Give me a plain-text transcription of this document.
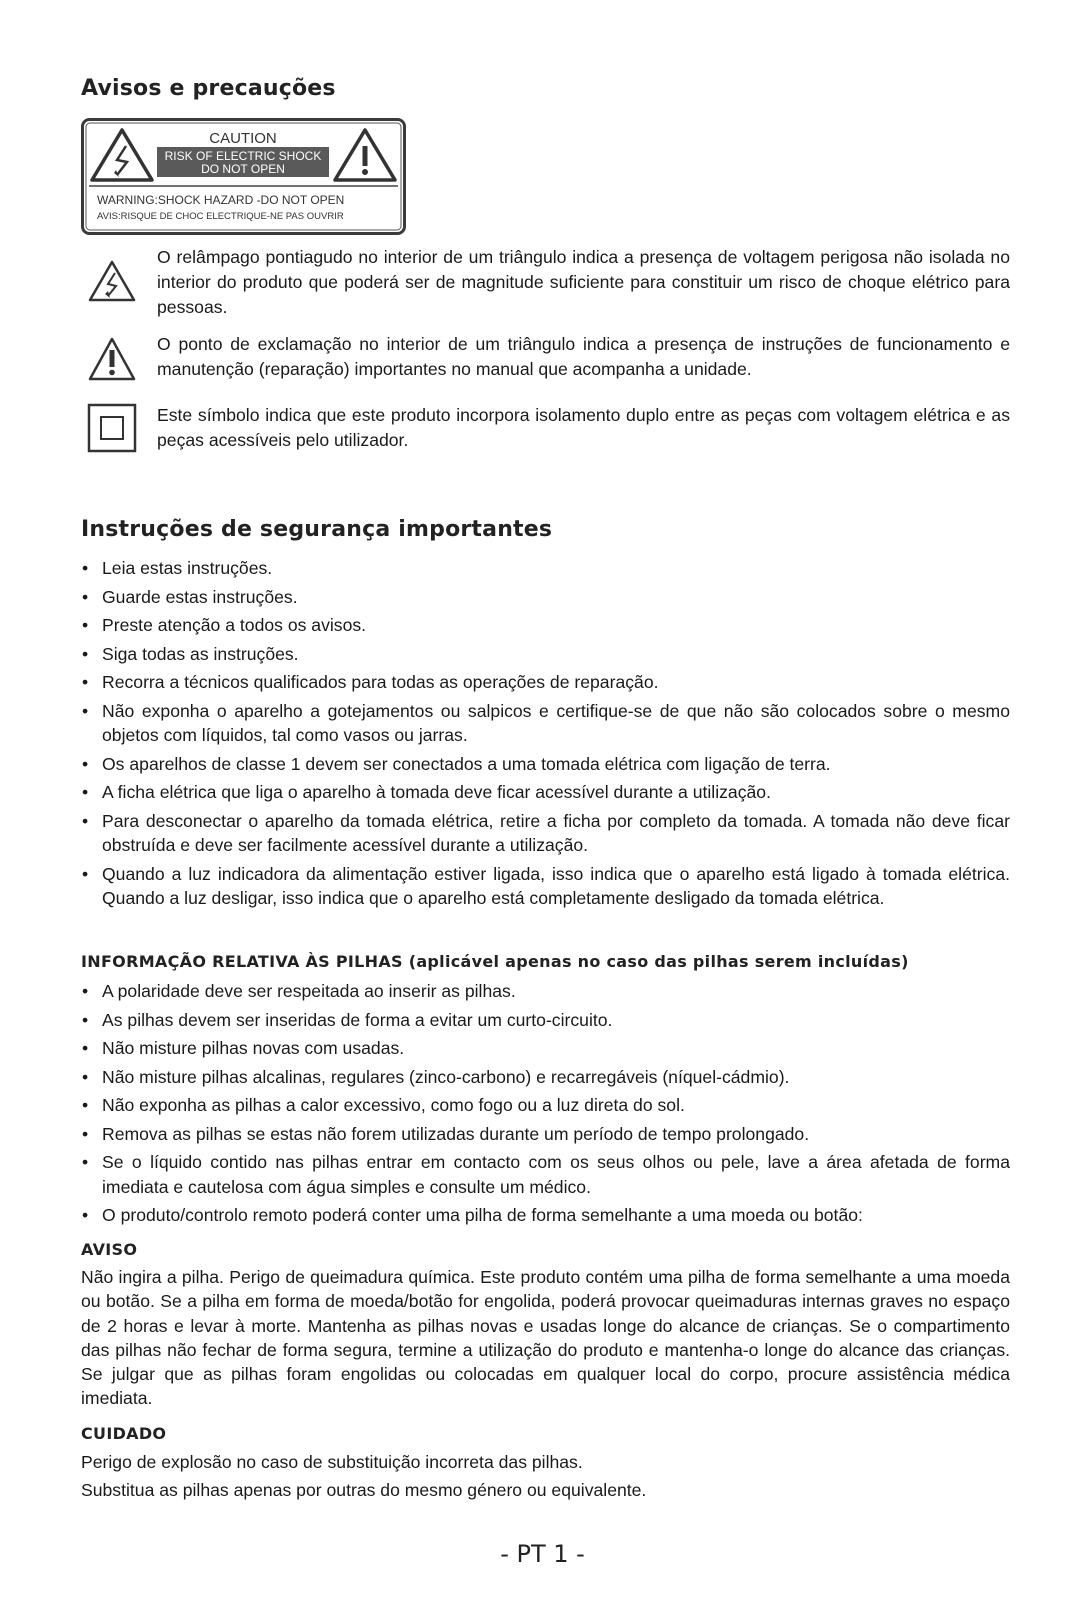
Avisos e precauções
CAUTION
RISK OF ELECTRIC SHOCK
DO NOT OPEN
WARNING:SHOCK HAZARD -DO NOT OPEN
AVIS:RISQUE DE CHOC ELECTRIQUE-NE PAS OUVRIR

O relâmpago pontiagudo no interior de um triângulo indica a presença de voltagem perigosa não isolada no interior do produto que poderá ser de magnitude suficiente para constituir um risco de choque elétrico para pessoas.

O ponto de exclamação no interior de um triângulo indica a presença de instruções de funcionamento e manutenção (reparação) importantes no manual que acompanha a unidade.

Este símbolo indica que este produto incorpora isolamento duplo entre as peças com voltagem elétrica e as peças acessíveis pelo utilizador.

Instruções de segurança importantes
• Leia estas instruções.
• Guarde estas instruções.
• Preste atenção a todos os avisos.
• Siga todas as instruções.
• Recorra a técnicos qualificados para todas as operações de reparação.
• Não exponha o aparelho a gotejamentos ou salpicos e certifique-se de que não são colocados sobre o mesmo objetos com líquidos, tal como vasos ou jarras.
• Os aparelhos de classe 1 devem ser conectados a uma tomada elétrica com ligação de terra.
• A ficha elétrica que liga o aparelho à tomada deve ficar acessível durante a utilização.
• Para desconectar o aparelho da tomada elétrica, retire a ficha por completo da tomada. A tomada não deve ficar obstruída e deve ser facilmente acessível durante a utilização.
• Quando a luz indicadora da alimentação estiver ligada, isso indica que o aparelho está ligado à tomada elétrica. Quando a luz desligar, isso indica que o aparelho está completamente desligado da tomada elétrica.

INFORMAÇÃO RELATIVA ÀS PILHAS (aplicável apenas no caso das pilhas serem incluídas)

• A polaridade deve ser respeitada ao inserir as pilhas.
• As pilhas devem ser inseridas de forma a evitar um curto-circuito.
• Não misture pilhas novas com usadas.
• Não misture pilhas alcalinas, regulares (zinco-carbono) e recarregáveis (níquel-cádmio).
• Não exponha as pilhas a calor excessivo, como fogo ou a luz direta do sol.
• Remova as pilhas se estas não forem utilizadas durante um período de tempo prolongado.
• Se o líquido contido nas pilhas entrar em contacto com os seus olhos ou pele, lave a área afetada de forma imediata e cautelosa com água simples e consulte um médico.
• O produto/controlo remoto poderá conter uma pilha de forma semelhante a uma moeda ou botão:

AVISO

Não ingira a pilha. Perigo de queimadura química. Este produto contém uma pilha de forma semelhante a uma moeda ou botão. Se a pilha em forma de moeda/botão for engolida, poderá provocar queimaduras internas graves no espaço de 2 horas e levar à morte. Mantenha as pilhas novas e usadas longe do alcance de crianças. Se o compartimento das pilhas não fechar de forma segura, termine a utilização do produto e mantenha-o longe do alcance das crianças. Se julgar que as pilhas foram engolidas ou colocadas em qualquer local do corpo, procure assistência médica imediata.

CUIDADO

Perigo de explosão no caso de substituição incorreta das pilhas.

Substitua as pilhas apenas por outras do mesmo género ou equivalente.

- PT 1 -
